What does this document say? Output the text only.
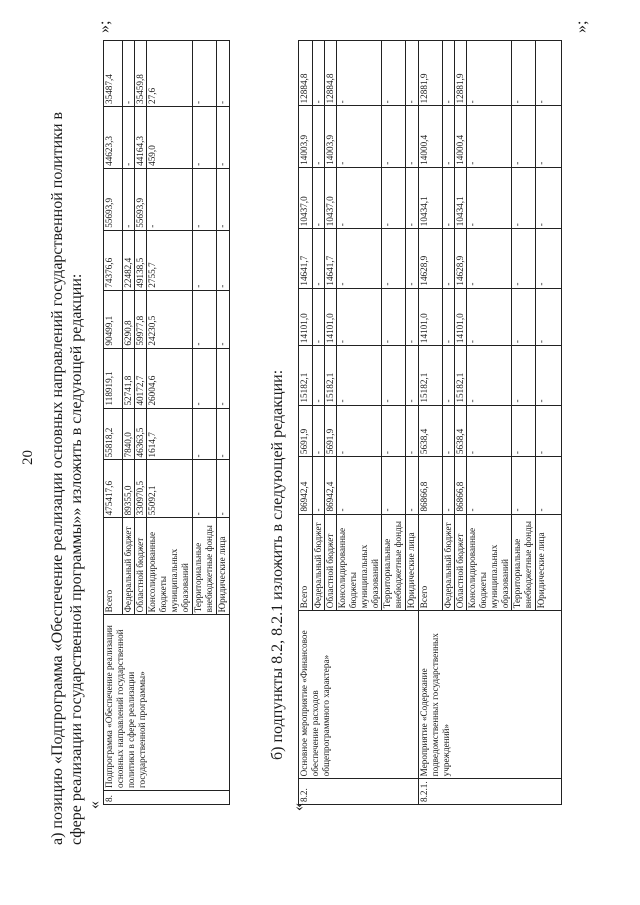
20 а) позицию «Подпрограмма «Обеспечение реализации основных направлений государственной политики в сфере реализации государственной программы»» изложить в следующей редакции: «
8.	Подпрограмма «Обеспечение реализации основных направлений государственной политики в сфере реализации государственной программы»	Всего	475417,6	55818,2	118919,1	90499,1	74376,6	55693,9	44623,3	35487,4
		Федеральный бюджет	89355,0	7840,0	52741,8	6290,8	22482,4	-	-	-
		Областной бюджет	330970,5	46363,5	40172,7	59977,8	49138,5	55693,9	44164,3	35459,8
		Консолидированные бюджеты муниципальных образований	55092,1	1614,7	26004,6	24230,5	2755,7	-	459,0	27,6
		Территориальные внебюджетные фонды	-	-	-	-	-	-	-	-
		Юридические лица	-	-	-	-	-	-	-	-
»;
б) подпункты 8.2, 8.2.1 изложить в следующей редакции:
«
8.2.	Основное мероприятие «Финансовое обеспечение расходов общепрограммного характера»	Всего	86942,4	5691,9	15182,1	14101,0	14641,7	10437,0	14003,9	12884,8
		Федеральный бюджет	-	-	-	-	-	-	-	-
		Областной бюджет	86942,4	5691,9	15182,1	14101,0	14641,7	10437,0	14003,9	12884,8
		Консолидированные бюджеты муниципальных образований	-	-	-	-	-	-	-	-
		Территориальные внебюджетные фонды	-	-	-	-	-	-	-	-
		Юридические лица	-	-	-	-	-	-	-	-
8.2.1.	Мероприятие «Содержание подведомственных государственных учреждений»	Всего	86866,8	5638,4	15182,1	14101,0	14628,9	10434,1	14000,4	12881,9
		Федеральный бюджет	-	-	-	-	-	-	-	-
		Областной бюджет	86866,8	5638,4	15182,1	14101,0	14628,9	10434,1	14000,4	12881,9
		Консолидированные бюджеты муниципальных образований	-	-	-	-	-	-	-	-
		Территориальные внебюджетные фонды	-	-	-	-	-	-	-	-
		Юридические лица	-	-	-	-	-	-	-	-
»;
